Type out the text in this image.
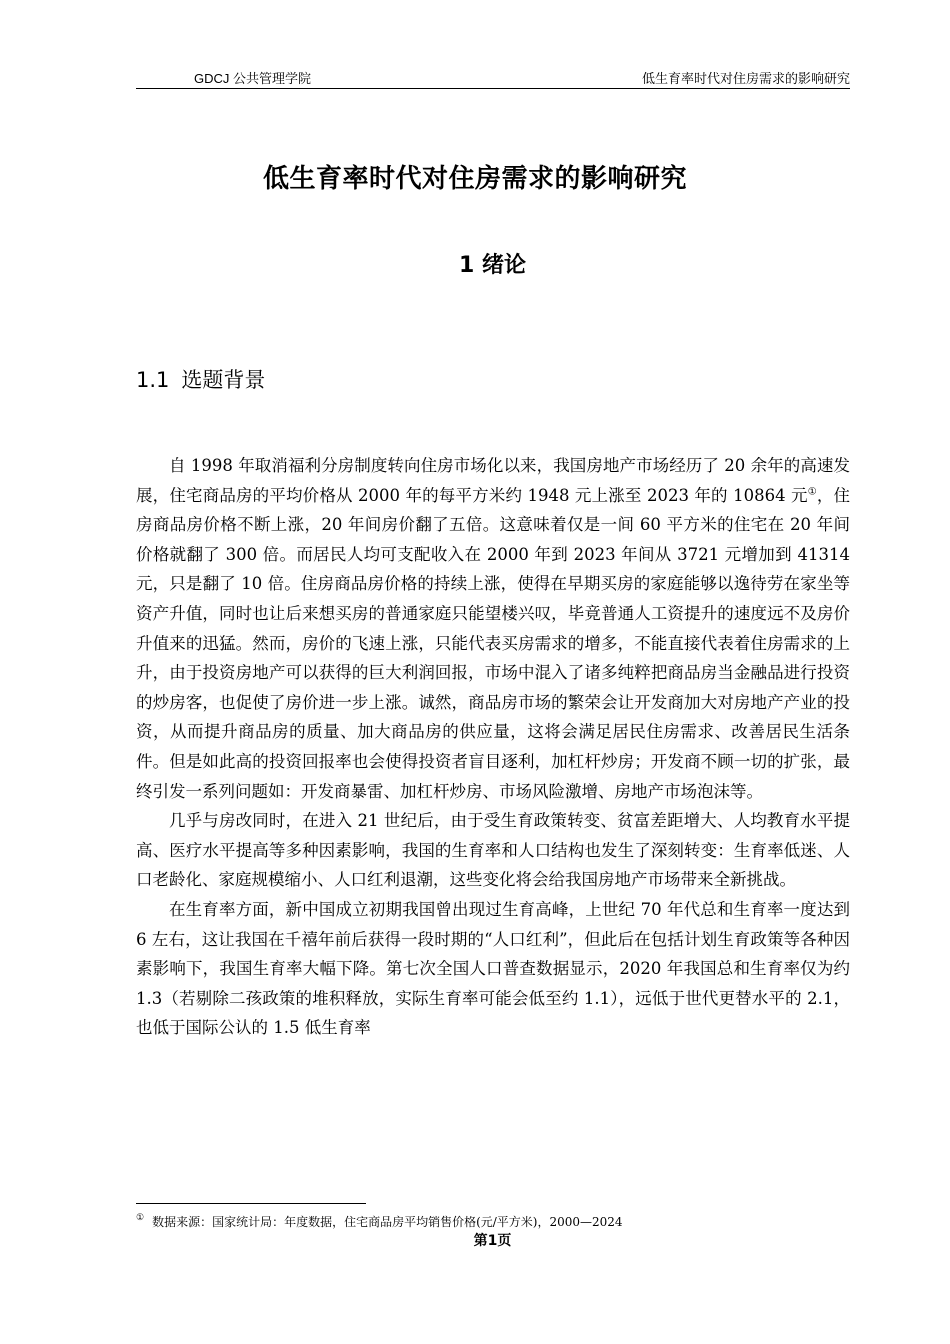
GDCJ 公共管理学院	低生育率时代对住房需求的影响研究
低生育率时代对住房需求的影响研究
1 绪论
1.1 选题背景

自 1998 年取消福利分房制度转向住房市场化以来，我国房地产市场经历了 20 余年的高速发展，住宅商品房的平均价格从 2000 年的每平方米约 1948 元上涨至 2023 年的 10864 元①，住房商品房价格不断上涨，20 年间房价翻了五倍。这意味着仅是一间 60 平方米的住宅在 20 年间价格就翻了 300 倍。而居民人均可支配收入在 2000 年到 2023 年间从 3721 元增加到 41314 元，只是翻了 10 倍。住房商品房价格的持续上涨，使得在早期买房的家庭能够以逸待劳在家坐等资产升值，同时也让后来想买房的普通家庭只能望楼兴叹，毕竟普通人工资提升的速度远不及房价升值来的迅猛。然而，房价的飞速上涨，只能代表买房需求的增多，不能直接代表着住房需求的上升，由于投资房地产可以获得的巨大利润回报，市场中混入了诸多纯粹把商品房当金融品进行投资的炒房客，也促使了房价进一步上涨。诚然，商品房市场的繁荣会让开发商加大对房地产产业的投资，从而提升商品房的质量、加大商品房的供应量，这将会满足居民住房需求、改善居民生活条件。但是如此高的投资回报率也会使得投资者盲目逐利，加杠杆炒房；开发商不顾一切的扩张，最终引发一系列问题如：开发商暴雷、加杠杆炒房、市场风险激增、房地产市场泡沫等。

几乎与房改同时，在进入 21 世纪后，由于受生育政策转变、贫富差距增大、人均教育水平提高、医疗水平提高等多种因素影响，我国的生育率和人口结构也发生了深刻转变：生育率低迷、人口老龄化、家庭规模缩小、人口红利退潮，这些变化将会给我国房地产市场带来全新挑战。

在生育率方面，新中国成立初期我国曾出现过生育高峰，上世纪 70 年代总和生育率一度达到 6 左右，这让我国在千禧年前后获得一段时期的“人口红利”，但此后在包括计划生育政策等各种因素影响下，我国生育率大幅下降。第七次全国人口普查数据显示，2020 年我国总和生育率仅为约 1.3（若剔除二孩政策的堆积释放，实际生育率可能会低至约 1.1），远低于世代更替水平的 2.1，也低于国际公认的 1.5 低生育率

① 数据来源：国家统计局：年度数据，住宅商品房平均销售价格(元/平方米)，2000—2024
第1页
